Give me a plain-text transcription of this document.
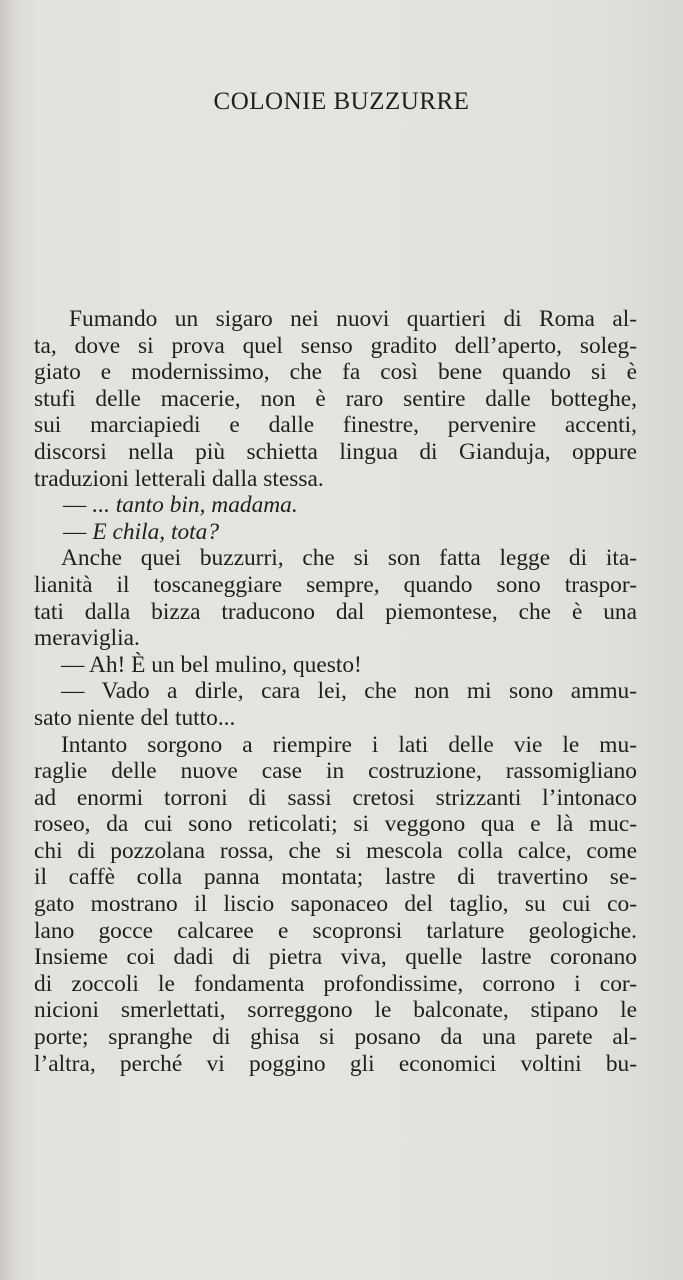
COLONIE BUZZURRE
Fumando un sigaro nei nuovi quartieri di Roma al-
ta, dove si prova quel senso gradito dell’aperto, soleg-
giato e modernissimo, che fa così bene quando si è
stufi delle macerie, non è raro sentire dalle botteghe,
sui marciapiedi e dalle finestre, pervenire accenti,
discorsi nella più schietta lingua di Gianduja, oppure
traduzioni letterali dalla stessa.
— ... tanto bin, madama.
— E chila, tota?
Anche quei buzzurri, che si son fatta legge di ita-
lianità il toscaneggiare sempre, quando sono traspor-
tati dalla bizza traducono dal piemontese, che è una
meraviglia.
— Ah! È un bel mulino, questo!
— Vado a dirle, cara lei, che non mi sono ammu-
sato niente del tutto...
Intanto sorgono a riempire i lati delle vie le mu-
raglie delle nuove case in costruzione, rassomigliano
ad enormi torroni di sassi cretosi strizzanti l’intonaco
roseo, da cui sono reticolati; si veggono qua e là muc-
chi di pozzolana rossa, che si mescola colla calce, come
il caffè colla panna montata; lastre di travertino se-
gato mostrano il liscio saponaceo del taglio, su cui co-
lano gocce calcaree e scopronsi tarlature geologiche.
Insieme coi dadi di pietra viva, quelle lastre coronano
di zoccoli le fondamenta profondissime, corrono i cor-
nicioni smerlettati, sorreggono le balconate, stipano le
porte; spranghe di ghisa si posano da una parete al-
l’altra, perché vi poggino gli economici voltini bu-
